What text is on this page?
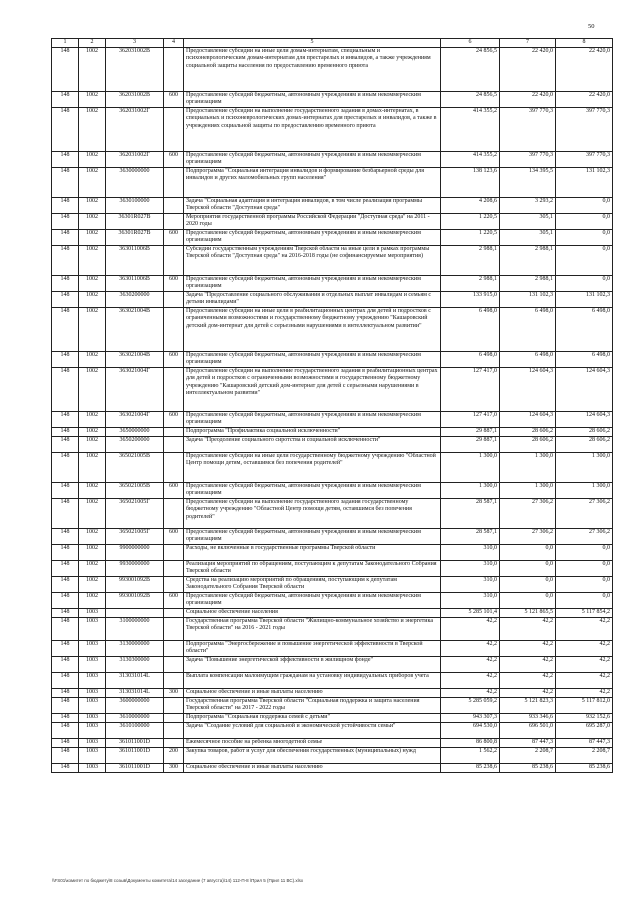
50
1	2	3	4	5	6	7	8
148	1002	362031002В		Предоставление субсидии на иные цели домам-интернатам, специальным и психоневрологическим домам-интернатам для престарелых и инвалидов, а также учреждениям социальной защиты населения по предоставлению временного приюта	24 856,5	22 420,0	22 420,0
148	1002	362031002В	600	Предоставление субсидий бюджетным, автономным учреждениям и иным некоммерческим организациям	24 856,5	22 420,0	22 420,0
148	1002	362031002Г		Предоставление субсидии на выполнение государственного задания в домах-интернатах, в специальных и психоневрологических домах-интернатах для престарелых и инвалидов, а также в учреждениях социальной защиты по предоставлению временного приюта	414 355,2	397 770,3	397 770,3
148	1002	362031002Г	600	Предоставление субсидий бюджетным, автономным учреждениям и иным некоммерческим организациям	414 355,2	397 770,3	397 770,3
148	1002	3630000000		Подпрограмма "Социальная интеграция инвалидов и формирование безбарьерной среды для инвалидов и других маломобильных групп населения"	138 123,6	134 395,5	131 102,3
148	1002	3630100000		Задача "Социальная адаптация и интеграция инвалидов, в том числе реализация программы Тверской области "Доступная среда"	4 208,6	3 293,2	0,0
148	1002	36301R027В		Мероприятия государственной программы Российской Федерации "Доступная среда" на 2011 - 2020 годы	1 220,5	305,1	0,0
148	1002	36301R027В	600	Предоставление субсидий бюджетным, автономным учреждениям и иным некоммерческим организациям	1 220,5	305,1	0,0
148	1002	363011006В		Субсидии государственным учреждениям Тверской области на иные цели в рамках программы Тверской области "Доступная среда" на 2016-2018 годы (не софинансируемые мероприятия)	2 988,1	2 988,1	0,0
148	1002	363011006В	600	Предоставление субсидий бюджетным, автономным учреждениям и иным некоммерческим организациям	2 988,1	2 988,1	0,0
148	1002	3630200000		Задача "Предоставление социального обслуживания и отдельных выплат инвалидам и семьям с детьми инвалидами"	133 915,0	131 102,3	131 102,3
148	1002	363021004В		Предоставление субсидии на иные цели в реабилитационных центрах для детей и подростков с ограниченными возможностями и государственному бюджетному учреждению "Кашаровский детский дом-интернат для детей с серьезными нарушениями в интеллектуальном развитии"	6 498,0	6 498,0	6 498,0
148	1002	363021004В	600	Предоставление субсидий бюджетным, автономным учреждениям и иным некоммерческим организациям	6 498,0	6 498,0	6 498,0
148	1002	363021004Г		Предоставление субсидии на выполнение государственного задания в реабилитационных центрах для детей и подростков с ограниченными возможностями и государственному бюджетному учреждению "Кашаровский детский дом-интернат для детей с серьезными нарушениями в интеллектуальном развитии"	127 417,0	124 604,3	124 604,3
148	1002	363021004Г	600	Предоставление субсидий бюджетным, автономным учреждениям и иным некоммерческим организациям	127 417,0	124 604,3	124 604,3
148	1002	3650000000		Подпрограмма "Профилактика социальной исключенности"	29 887,1	28 606,2	28 606,2
148	1002	3650200000		Задача "Преодоление социального сиротства и социальной исключенности"	29 887,1	28 606,2	28 606,2
148	1002	365021005В		Предоставление субсидии на иные цели государственному бюджетному учреждению "Областной Центр помощи детям, оставшимся без попечения родителей"	1 300,0	1 300,0	1 300,0
148	1002	365021005В	600	Предоставление субсидий бюджетным, автономным учреждениям и иным некоммерческим организациям	1 300,0	1 300,0	1 300,0
148	1002	365021005Г		Предоставление субсидии на выполнение государственного задания государственному бюджетному учреждению "Областной Центр помощи детям, оставшимся без попечения родителей"	28 587,1	27 306,2	27 306,2
148	1002	365021005Г	600	Предоставление субсидий бюджетным, автономным учреждениям и иным некоммерческим организациям	28 587,1	27 306,2	27 306,2
148	1002	9900000000		Расходы, не включенные в государственные программы Тверской области	310,0	0,0	0,0
148	1002	9930000000		Реализация мероприятий по обращениям, поступающим к депутатам Законодательного Собрания Тверской области	310,0	0,0	0,0
148	1002	993001092В		Средства на реализацию мероприятий по обращениям, поступающим к депутатам Законодательного Собрания Тверской области	310,0	0,0	0,0
148	1002	993001092В	600	Предоставление субсидий бюджетным, автономным учреждениям и иным некоммерческим организациям	310,0	0,0	0,0
148	1003			Социальное обеспечение населения	5 285 101,4	5 121 865,5	5 117 854,2
148	1003	3100000000		Государственная программа Тверской области "Жилищно-коммунальное хозяйство и энергетика Тверской области" на 2016 - 2021 годы	42,2	42,2	42,2
148	1003	3130000000		Подпрограмма "Энергосбережение и повышение энергетической эффективности в Тверской области"	42,2	42,2	42,2
148	1003	3130300000		Задача "Повышение энергетической эффективности в жилищном фонде"	42,2	42,2	42,2
148	1003	313031014L		Выплата компенсации малоимущим гражданам на установку индивидуальных приборов учета	42,2	42,2	42,2
148	1003	313031014L	300	Социальное обеспечение и иные выплаты населению	42,2	42,2	42,2
148	1003	3600000000		Государственная программа Тверской области "Социальная поддержка и защита населения Тверской области" на 2017 - 2022 годы	5 285 059,2	5 121 823,3	5 117 812,0
148	1003	3610000000		Подпрограмма "Социальная поддержка семей с детьми"	943 307,3	933 346,6	932 152,6
148	1003	3610100000		Задача "Создание условий для социальной и экономической устойчивости семьи"	694 530,0	696 501,0	695 287,0
148	1003	361011001D		Ежемесячное пособие на ребенка многодетной семье	86 800,8	87 447,3	87 447,3
148	1003	361011001D	200	Закупка товаров, работ и услуг для обеспечения государственных (муниципальных) нужд	1 562,2	2 208,7	2 208,7
148	1003	361011001D	300	Социальное обеспечение и иные выплаты населению	85 238,6	85 238,6	85 238,6
\\FS01\комитет по бюджету\8 созыв\Документы комитета\14 заседание (7 августа)\14) 112-П-8 \Прил 5 (Прил 11 ВС).xlsx
